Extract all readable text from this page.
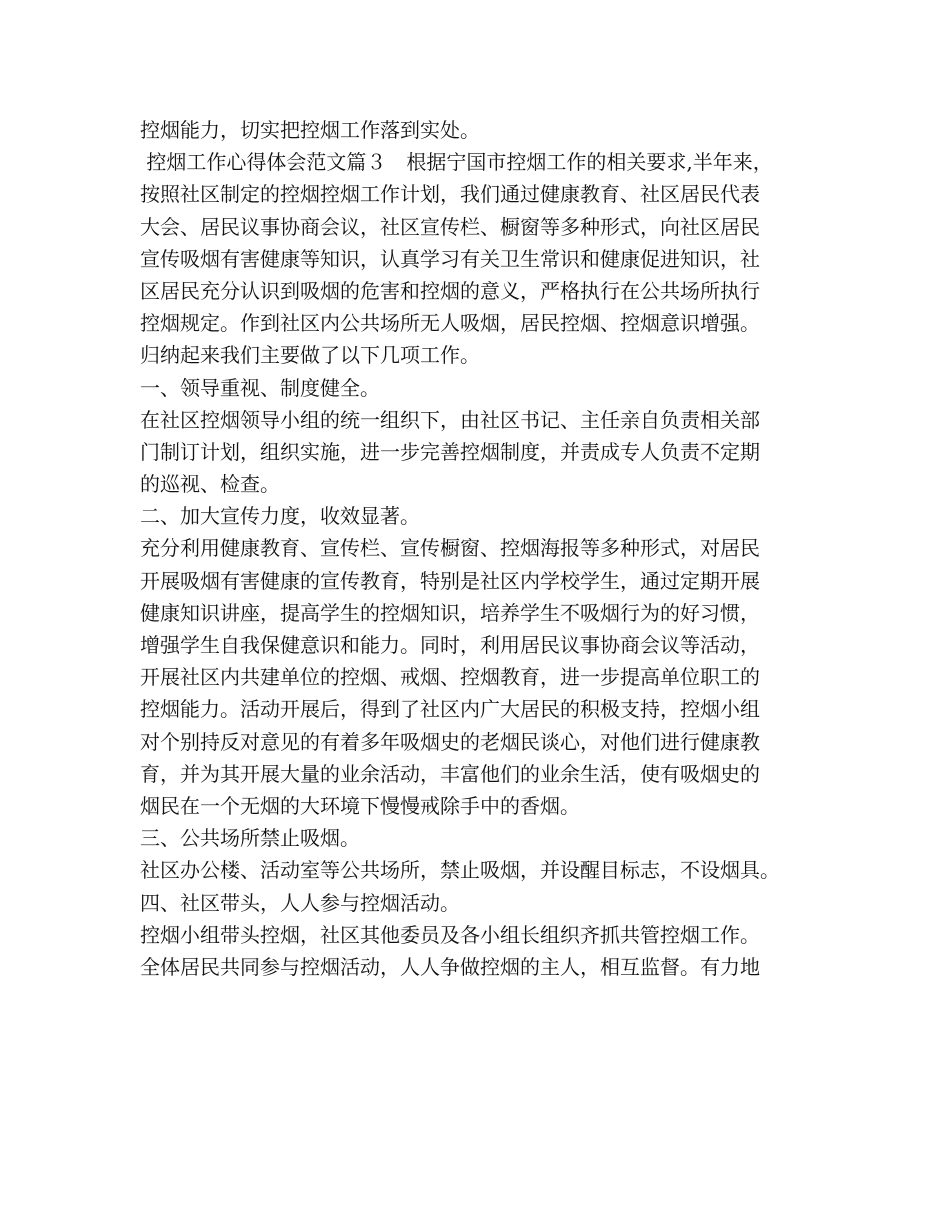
控烟能力，切实把控烟工作落到实处。
控烟工作心得体会范文篇３　根据宁国市控烟工作的相关要求,半年来，
按照社区制定的控烟控烟工作计划，我们通过健康教育、社区居民代表
大会、居民议事协商会议，社区宣传栏、橱窗等多种形式，向社区居民
宣传吸烟有害健康等知识，认真学习有关卫生常识和健康促进知识，社
区居民充分认识到吸烟的危害和控烟的意义，严格执行在公共场所执行
控烟规定。作到社区内公共场所无人吸烟，居民控烟、控烟意识增强。
归纳起来我们主要做了以下几项工作。
一、领导重视、制度健全。
在社区控烟领导小组的统一组织下，由社区书记、主任亲自负责相关部
门制订计划，组织实施，进一步完善控烟制度，并责成专人负责不定期
的巡视、检查。
二、加大宣传力度，收效显著。
充分利用健康教育、宣传栏、宣传橱窗、控烟海报等多种形式，对居民
开展吸烟有害健康的宣传教育，特别是社区内学校学生，通过定期开展
健康知识讲座，提高学生的控烟知识，培养学生不吸烟行为的好习惯，
增强学生自我保健意识和能力。同时，利用居民议事协商会议等活动，
开展社区内共建单位的控烟、戒烟、控烟教育，进一步提高单位职工的
控烟能力。活动开展后，得到了社区内广大居民的积极支持，控烟小组
对个别持反对意见的有着多年吸烟史的老烟民谈心，对他们进行健康教
育，并为其开展大量的业余活动，丰富他们的业余生活，使有吸烟史的
烟民在一个无烟的大环境下慢慢戒除手中的香烟。
三、公共场所禁止吸烟。
社区办公楼、活动室等公共场所，禁止吸烟，并设醒目标志，不设烟具。
四、社区带头，人人参与控烟活动。
控烟小组带头控烟，社区其他委员及各小组长组织齐抓共管控烟工作。
全体居民共同参与控烟活动，人人争做控烟的主人，相互监督。有力地
